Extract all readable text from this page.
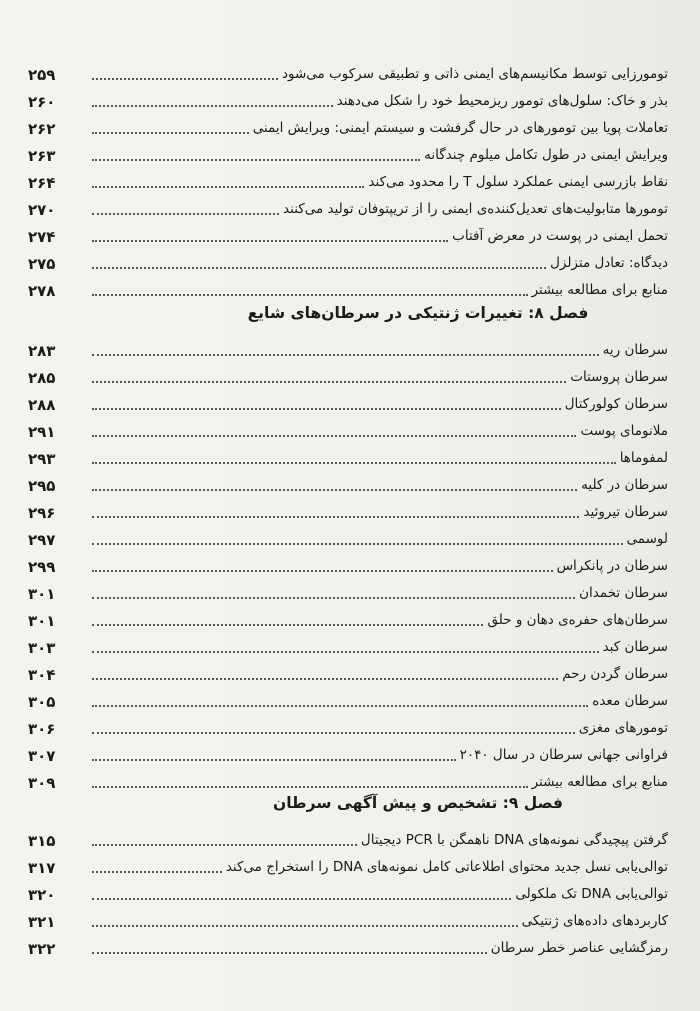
۲۵۹	تومورزایی توسط مکانیسم‌های ایمنی ذاتی و تطبیقی سرکوب می‌شود
۲۶۰	بذر و خاک: سلول‌های تومور ریزمحیط خود را شکل می‌دهند
۲۶۲	تعاملات پویا بین تومورهای در حال گرفشت و سیستم ایمنی: ویرایش ایمنی
۲۶۳	ویرایش ایمنی در طول تکامل میلوم چندگانه
۲۶۴	نقاط بازرسی ایمنی عملکرد سلول T را محدود می‌کند
۲۷۰	تومورها متابولیت‌های تعدیل‌کننده‌ی ایمنی را از تریپتوفان تولید می‌کنند
۲۷۴	تحمل ایمنی در پوست در معرض آفتاب
۲۷۵	دیدگاه: تعادل متزلزل
۲۷۸	منابع برای مطالعه بیشتر
فصل ۸: تغییرات ژنتیکی در سرطان‌های شایع
۲۸۳	سرطان ریه
۲۸۵	سرطان پروستات
۲۸۸	سرطان کولورکتال
۲۹۱	ملانومای پوست
۲۹۳	لمفوماها
۲۹۵	سرطان در کلیه
۲۹۶	سرطان تیروئید
۲۹۷	لوسمی
۲۹۹	سرطان در پانکراس
۳۰۱	سرطان تخمدان
۳۰۱	سرطان‌های حفره‌ی دهان و حلق
۳۰۳	سرطان کبد
۳۰۴	سرطان گردن رحم
۳۰۵	سرطان معده
۳۰۶	تومورهای مغزی
۳۰۷	فراوانی جهانی سرطان در سال ۲۰۴۰
۳۰۹	منابع برای مطالعه بیشتر
فصل ۹: تشخیص و پیش آگهی سرطان
۳۱۵	گرفتن پیچیدگی نمونه‌های DNA ناهمگن با PCR دیجیتال
۳۱۷	توالی‌یابی نسل جدید محتوای اطلاعاتی کامل نمونه‌های DNA را استخراج می‌کند
۳۲۰	توالی‌یابی DNA تک ملکولی
۳۲۱	کاربردهای داده‌های ژنتیکی
۳۲۲	رمزگشایی عناصر خطر سرطان
